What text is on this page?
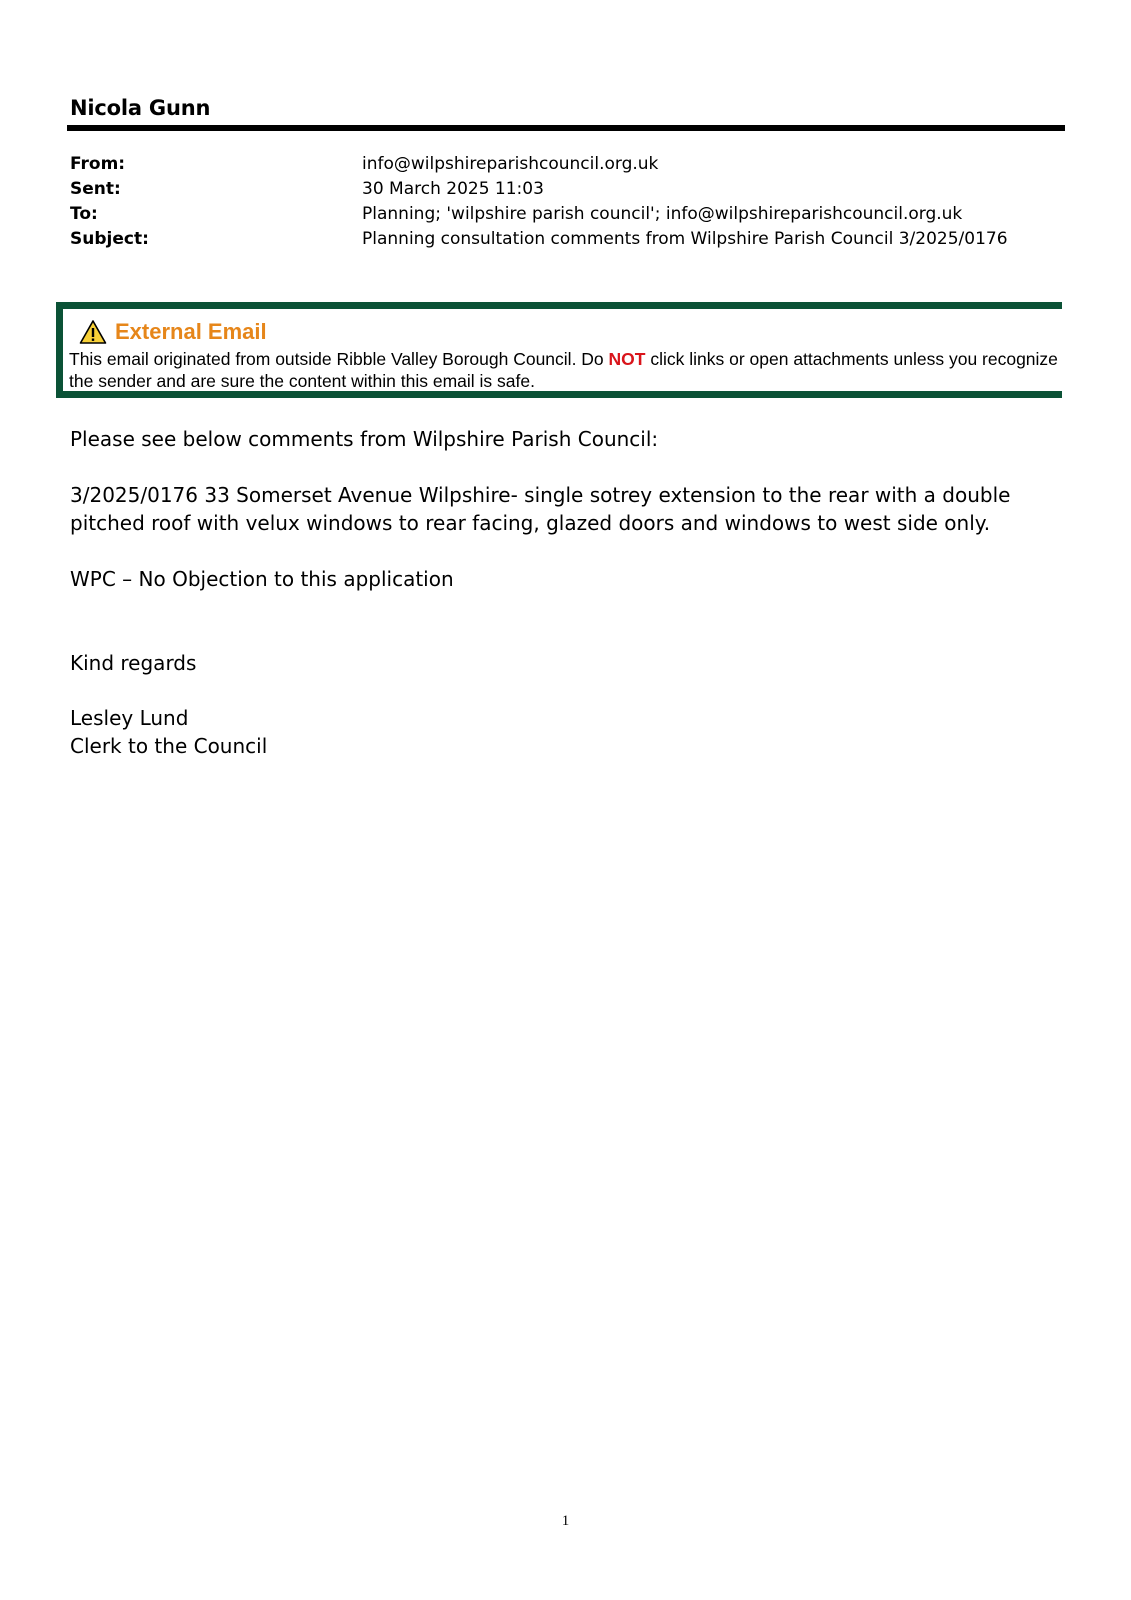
Nicola Gunn
From:	info@wilpshireparishcouncil.org.uk
Sent:	30 March 2025 11:03
To:	Planning; 'wilpshire parish council'; info@wilpshireparishcouncil.org.uk
Subject:	Planning consultation comments from Wilpshire Parish Council 3/2025/0176
External Email
This email originated from outside Ribble Valley Borough Council. Do NOT click links or open attachments unless you recognize the sender and are sure the content within this email is safe.

Please see below comments from Wilpshire Parish Council:

3/2025/0176 33 Somerset Avenue Wilpshire- single sotrey extension to the rear with a double pitched roof with velux windows to rear facing, glazed doors and windows to west side only.

WPC – No Objection to this application

Kind regards

Lesley Lund

Clerk to the Council

1
